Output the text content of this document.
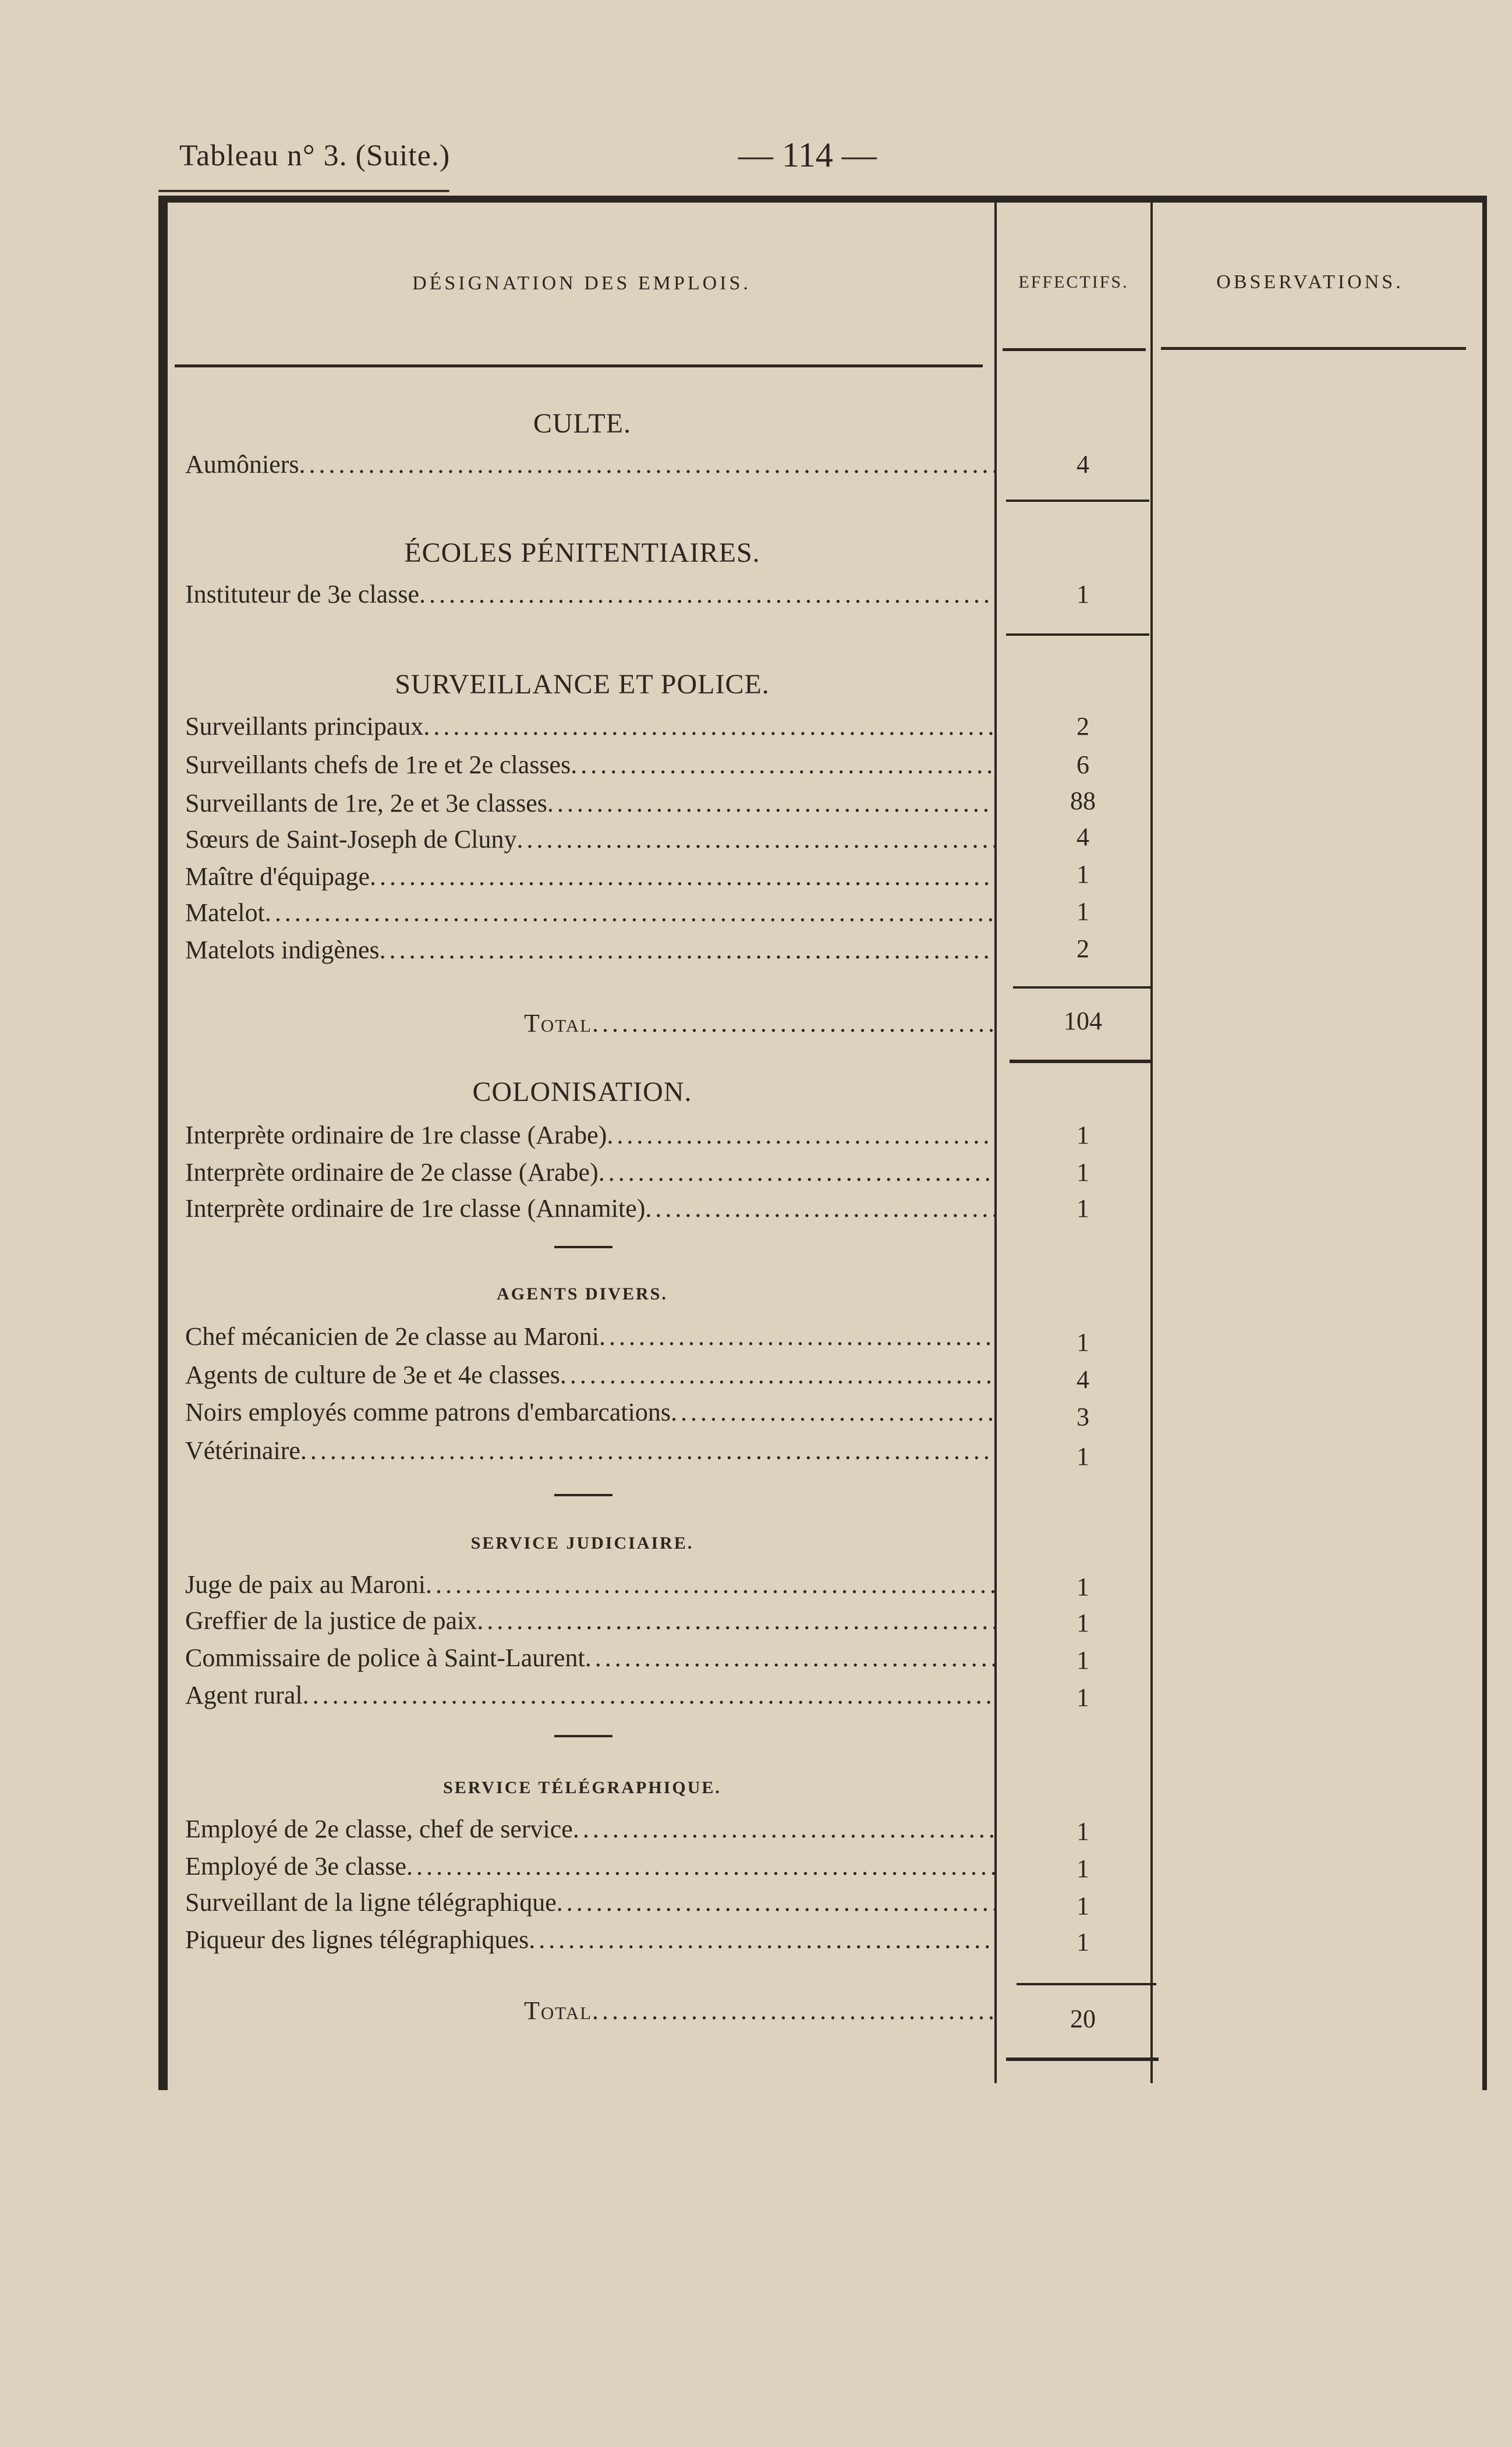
Tableau n° 3. (Suite.)	— 114 —
DÉSIGNATION DES EMPLOIS.	EFFECTIFS.	OBSERVATIONS.
CULTE.
Aumôniers .....	4
ÉCOLES PÉNITENTIAIRES.
Instituteur de 3e classe .....	1
SURVEILLANCE ET POLICE.
Surveillants principaux .....	2
Surveillants chefs de 1re et 2e classes .....	6
Surveillants de 1re, 2e et 3e classes .....	88
Sœurs de Saint-Joseph de Cluny .....	4
Maître d'équipage .....	1
Matelot .....	1
Matelots indigènes .....	2
Total .....	104
COLONISATION.
Interprète ordinaire de 1re classe (Arabe) .....	1
Interprète ordinaire de 2e classe (Arabe) .....	1
Interprète ordinaire de 1re classe (Annamite) .....	1
AGENTS DIVERS.
Chef mécanicien de 2e classe au Maroni .....	1
Agents de culture de 3e et 4e classes .....	4
Noirs employés comme patrons d'embarcations .....	3
Vétérinaire .....	1
SERVICE JUDICIAIRE.
Juge de paix au Maroni .....	1
Greffier de la justice de paix .....	1
Commissaire de police à Saint-Laurent .....	1
Agent rural .....	1
SERVICE TÉLÉGRAPHIQUE.
Employé de 2e classe, chef de service .....	1
Employé de 3e classe .....	1
Surveillant de la ligne télégraphique .....	1
Piqueur des lignes télégraphiques .....	1
Total .....	20
